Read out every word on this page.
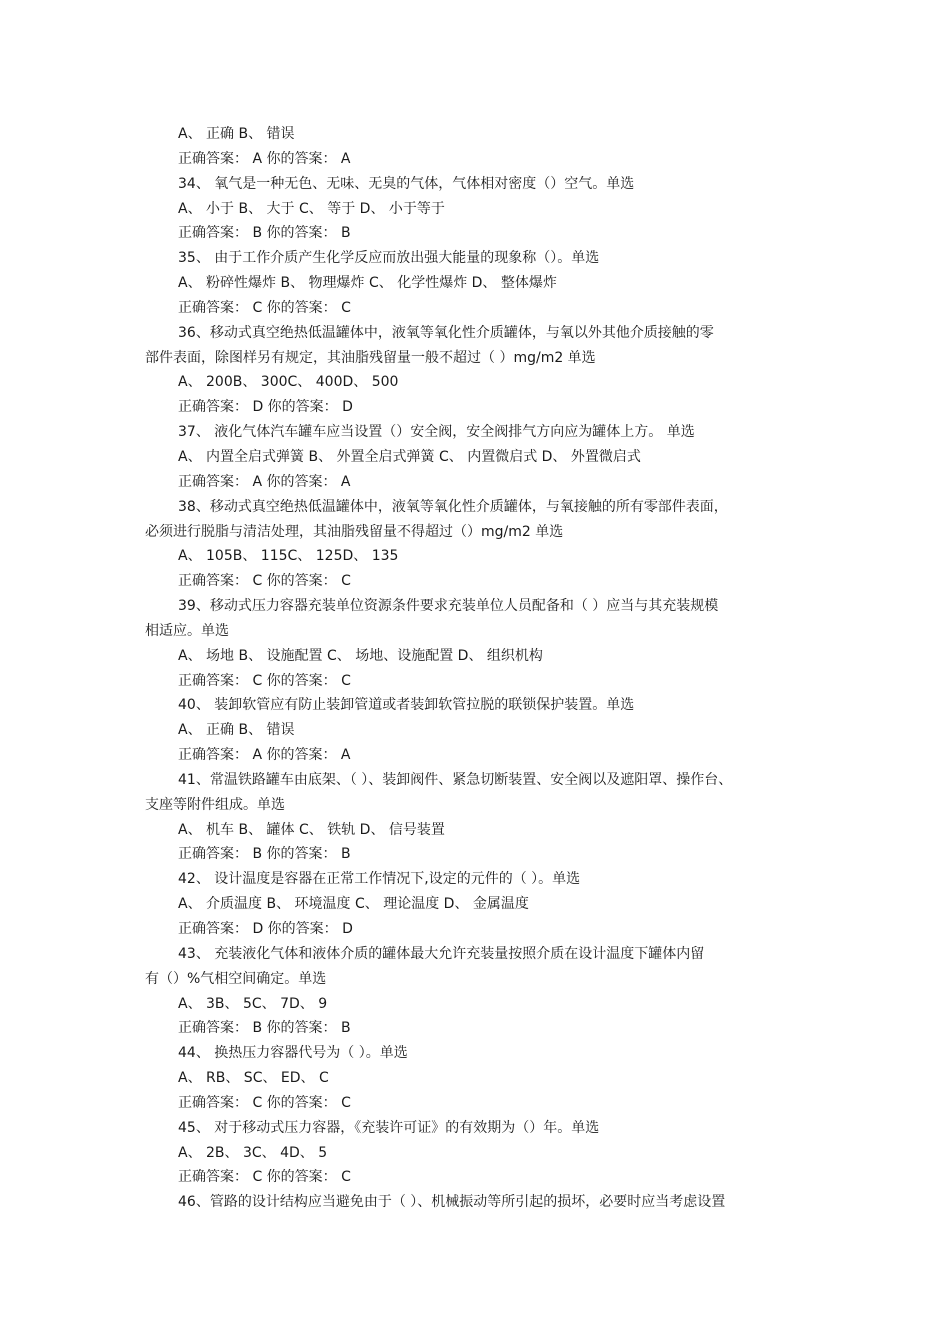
A、 正确 B、 错误
正确答案： A 你的答案： A
34、 氧气是一种无色、无味、无臭的气体，气体相对密度（）空气。单选
A、 小于 B、 大于 C、 等于 D、 小于等于
正确答案： B 你的答案： B
35、 由于工作介质产生化学反应而放出强大能量的现象称（）。单选
A、 粉碎性爆炸 B、 物理爆炸 C、 化学性爆炸 D、 整体爆炸
正确答案： C 你的答案： C
36、移动式真空绝热低温罐体中，液氧等氧化性介质罐体，与氧以外其他介质接触的零
部件表面，除图样另有规定，其油脂残留量一般不超过（ ）mg/m2 单选
A、 200B、 300C、 400D、 500
正确答案： D 你的答案： D
37、 液化气体汽车罐车应当设置（）安全阀，安全阀排气方向应为罐体上方。 单选
A、 内置全启式弹簧 B、 外置全启式弹簧 C、 内置微启式 D、 外置微启式
正确答案： A 你的答案： A
38、移动式真空绝热低温罐体中，液氧等氧化性介质罐体，与氧接触的所有零部件表面，
必须进行脱脂与清洁处理，其油脂残留量不得超过（）mg/m2 单选
A、 105B、 115C、 125D、 135
正确答案： C 你的答案： C
39、移动式压力容器充装单位资源条件要求充装单位人员配备和（ ）应当与其充装规模
相适应。单选
A、 场地 B、 设施配置 C、 场地、设施配置 D、 组织机构
正确答案： C 你的答案： C
40、 装卸软管应有防止装卸管道或者装卸软管拉脱的联锁保护装置。单选
A、 正确 B、 错误
正确答案： A 你的答案： A
41、常温铁路罐车由底架、（ ）、装卸阀件、紧急切断装置、安全阀以及遮阳罩、操作台、
支座等附件组成。单选
A、 机车 B、 罐体 C、 铁轨 D、 信号装置
正确答案： B 你的答案： B
42、 设计温度是容器在正常工作情况下,设定的元件的（ ）。单选
A、 介质温度 B、 环境温度 C、 理论温度 D、 金属温度
正确答案： D 你的答案： D
43、 充装液化气体和液体介质的罐体最大允许充装量按照介质在设计温度下罐体内留
有（）%气相空间确定。单选
A、 3B、 5C、 7D、 9
正确答案： B 你的答案： B
44、 换热压力容器代号为（ ）。单选
A、 RB、 SC、 ED、 C
正确答案： C 你的答案： C
45、 对于移动式压力容器，《充装许可证》的有效期为（）年。单选
A、 2B、 3C、 4D、 5
正确答案： C 你的答案： C
46、管路的设计结构应当避免由于（ ）、机械振动等所引起的损坏，必要时应当考虑设置
